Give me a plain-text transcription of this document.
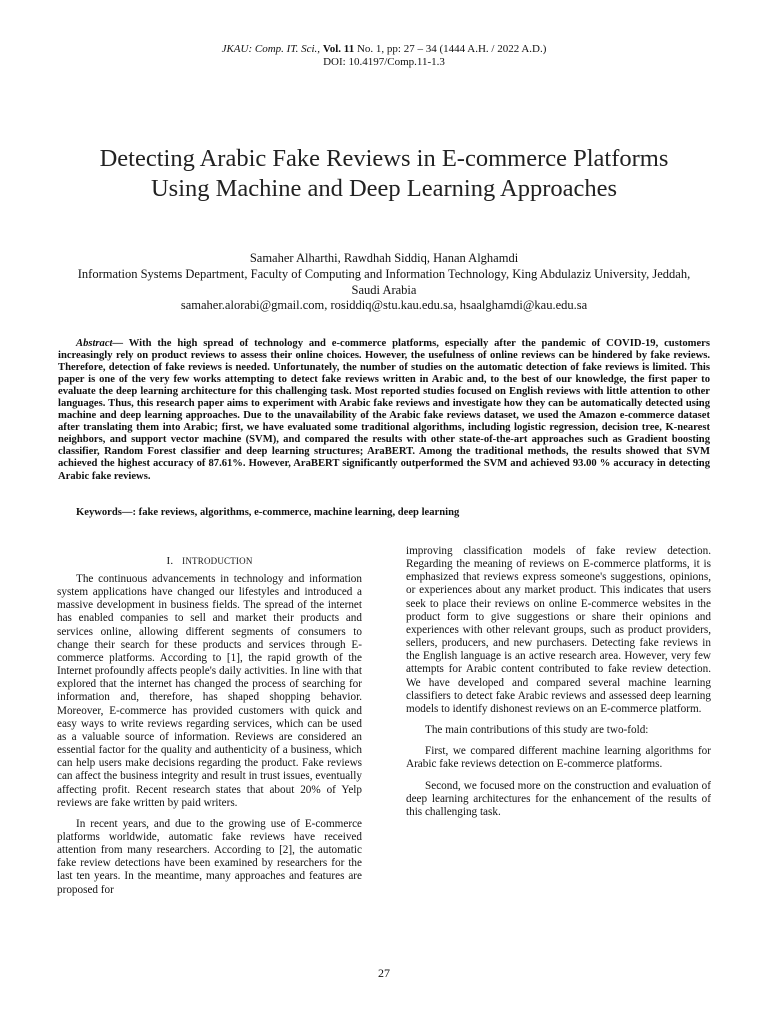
JKAU: Comp. IT. Sci., Vol. 11 No. 1, pp: 27 – 34 (1444 A.H. / 2022 A.D.)
DOI: 10.4197/Comp.11-1.3
Detecting Arabic Fake Reviews in E-commerce Platforms Using Machine and Deep Learning Approaches
Samaher Alharthi, Rawdhah Siddiq, Hanan Alghamdi
Information Systems Department, Faculty of Computing and Information Technology, King Abdulaziz University, Jeddah, Saudi Arabia
samaher.alorabi@gmail.com, rosiddiq@stu.kau.edu.sa, hsaalghamdi@kau.edu.sa
Abstract— With the high spread of technology and e-commerce platforms, especially after the pandemic of COVID-19, customers increasingly rely on product reviews to assess their online choices. However, the usefulness of online reviews can be hindered by fake reviews. Therefore, detection of fake reviews is needed. Unfortunately, the number of studies on the automatic detection of fake reviews is limited. This paper is one of the very few works attempting to detect fake reviews written in Arabic and, to the best of our knowledge, the first paper to evaluate the deep learning architecture for this challenging task. Most reported studies focused on English reviews with little attention to other languages. Thus, this research paper aims to experiment with Arabic fake reviews and investigate how they can be automatically detected using machine and deep learning approaches. Due to the unavailability of the Arabic fake reviews dataset, we used the Amazon e-commerce dataset after translating them into Arabic; first, we have evaluated some traditional algorithms, including logistic regression, decision tree, K-nearest neighbors, and support vector machine (SVM), and compared the results with other state-of-the-art approaches such as Gradient boosting classifier, Random Forest classifier and deep learning structures; AraBERT. Among the traditional methods, the results showed that SVM achieved the highest accuracy of 87.61%. However, AraBERT significantly outperformed the SVM and achieved 93.00 % accuracy in detecting Arabic fake reviews.
Keywords—: fake reviews, algorithms, e-commerce, machine learning, deep learning
I. INTRODUCTION

The continuous advancements in technology and information system applications have changed our lifestyles and introduced a massive development in business fields. The spread of the internet has enabled companies to sell and market their products and services online, allowing different segments of consumers to change their search for these products and services through E-commerce platforms. According to [1], the rapid growth of the Internet profoundly affects people's daily activities. In line with that explored that the internet has changed the process of searching for information and, therefore, has shaped shopping behavior. Moreover, E-commerce has provided customers with quick and easy ways to write reviews regarding services, which can be used as a valuable source of information. Reviews are considered an essential factor for the quality and authenticity of a business, which can help users make decisions regarding the product. Fake reviews can affect the business integrity and result in trust issues, eventually affecting profit. Recent research states that about 20% of Yelp reviews are fake written by paid writers.

In recent years, and due to the growing use of E-commerce platforms worldwide, automatic fake reviews have received attention from many researchers. According to [2], the automatic fake review detections have been examined by researchers for the last ten years. In the meantime, many approaches and features are proposed for

improving classification models of fake review detection. Regarding the meaning of reviews on E-commerce platforms, it is emphasized that reviews express someone's suggestions, opinions, or experiences about any market product. This indicates that users seek to place their reviews on online E-commerce websites in the product form to give suggestions or share their opinions and experiences with other relevant groups, such as product providers, sellers, producers, and new purchasers. Detecting fake reviews in the English language is an active research area. However, very few attempts for Arabic content contributed to fake review detection. We have developed and compared several machine learning classifiers to detect fake Arabic reviews and assessed deep learning models to identify dishonest reviews on an E-commerce platform.

The main contributions of this study are two-fold:

First, we compared different machine learning algorithms for Arabic fake reviews detection on E-commerce platforms.

Second, we focused more on the construction and evaluation of deep learning architectures for the enhancement of the results of this challenging task.

27
